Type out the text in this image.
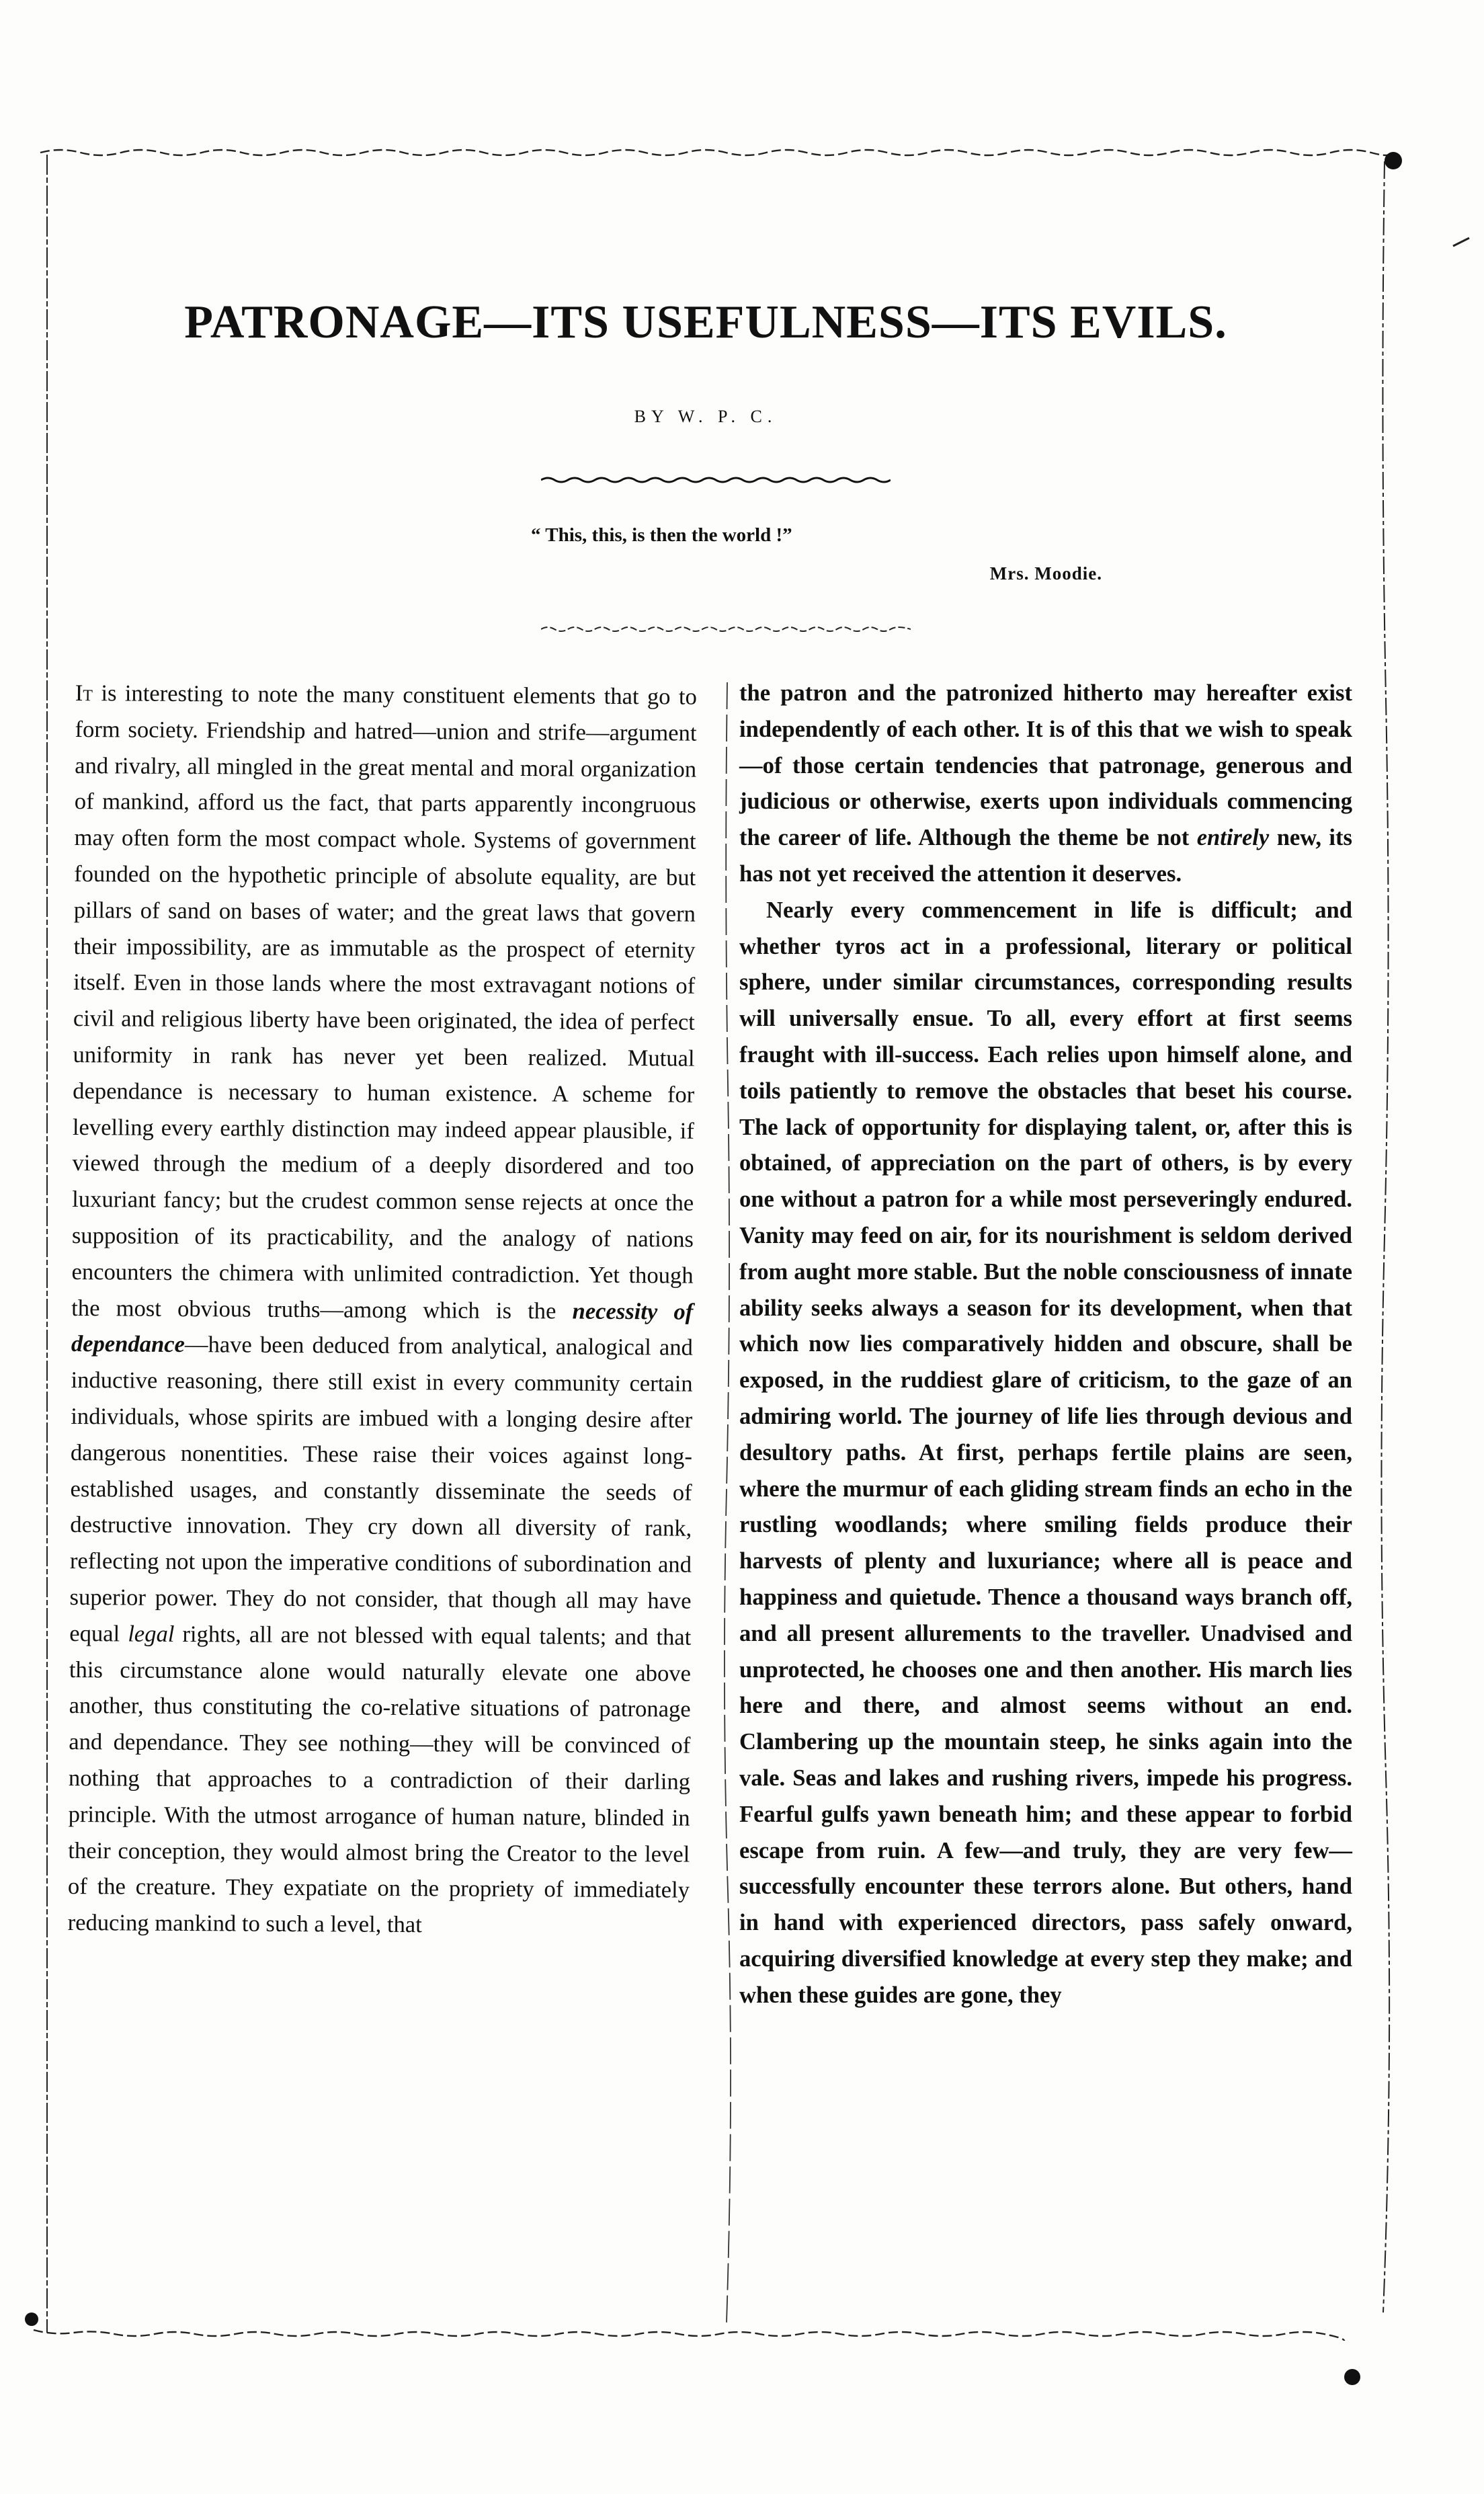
PATRONAGE—ITS USEFULNESS—ITS EVILS.
BY W. P. C.
“ This, this, is then the world !”
Mrs. Moodie.

It is interesting to note the many constituent elements that go to form society. Friendship and hatred—union and strife—argument and rivalry, all mingled in the great mental and moral organization of mankind, afford us the fact, that parts apparently incongruous may often form the most compact whole. Systems of government founded on the hypothetic principle of absolute equality, are but pillars of sand on bases of water; and the great laws that govern their impossibility, are as immutable as the prospect of eternity itself. Even in those lands where the most extravagant notions of civil and religious liberty have been originated, the idea of perfect uniformity in rank has never yet been realized. Mutual dependance is necessary to human existence. A scheme for levelling every earthly distinction may indeed appear plausible, if viewed through the medium of a deeply disordered and too luxuriant fancy; but the crudest common sense rejects at once the supposition of its practicability, and the analogy of nations encounters the chimera with unlimited contradiction. Yet though the most obvious truths—among which is the necessity of dependance—have been deduced from analytical, analogical and inductive reasoning, there still exist in every community certain individuals, whose spirits are imbued with a longing desire after dangerous nonentities. These raise their voices against long-established usages, and constantly disseminate the seeds of destructive innovation. They cry down all diversity of rank, reflecting not upon the imperative conditions of subordination and superior power. They do not consider, that though all may have equal legal rights, all are not blessed with equal talents; and that this circumstance alone would naturally elevate one above another, thus constituting the co-relative situations of patronage and dependance. They see nothing—they will be convinced of nothing that approaches to a contradiction of their darling principle. With the utmost arrogance of human nature, blinded in their conception, they would almost bring the Creator to the level of the creature. They expatiate on the propriety of immediately reducing mankind to such a level, that

the patron and the patronized hitherto may hereafter exist independently of each other. It is of this that we wish to speak—of those certain tendencies that patronage, generous and judicious or otherwise, exerts upon individuals commencing the career of life. Although the theme be not entirely new, its has not yet received the attention it deserves.

Nearly every commencement in life is difficult; and whether tyros act in a professional, literary or political sphere, under similar circumstances, corresponding results will universally ensue. To all, every effort at first seems fraught with ill-success. Each relies upon himself alone, and toils patiently to remove the obstacles that beset his course. The lack of opportunity for displaying talent, or, after this is obtained, of appreciation on the part of others, is by every one without a patron for a while most perseveringly endured. Vanity may feed on air, for its nourishment is seldom derived from aught more stable. But the noble consciousness of innate ability seeks always a season for its development, when that which now lies comparatively hidden and obscure, shall be exposed, in the ruddiest glare of criticism, to the gaze of an admiring world. The journey of life lies through devious and desultory paths. At first, perhaps fertile plains are seen, where the murmur of each gliding stream finds an echo in the rustling woodlands; where smiling fields produce their harvests of plenty and luxuriance; where all is peace and happiness and quietude. Thence a thousand ways branch off, and all present allurements to the traveller. Unadvised and unprotected, he chooses one and then another. His march lies here and there, and almost seems without an end. Clambering up the mountain steep, he sinks again into the vale. Seas and lakes and rushing rivers, impede his progress. Fearful gulfs yawn beneath him; and these appear to forbid escape from ruin. A few—and truly, they are very few—successfully encounter these terrors alone. But others, hand in hand with experienced directors, pass safely onward, acquiring diversified knowledge at every step they make; and when these guides are gone, they
